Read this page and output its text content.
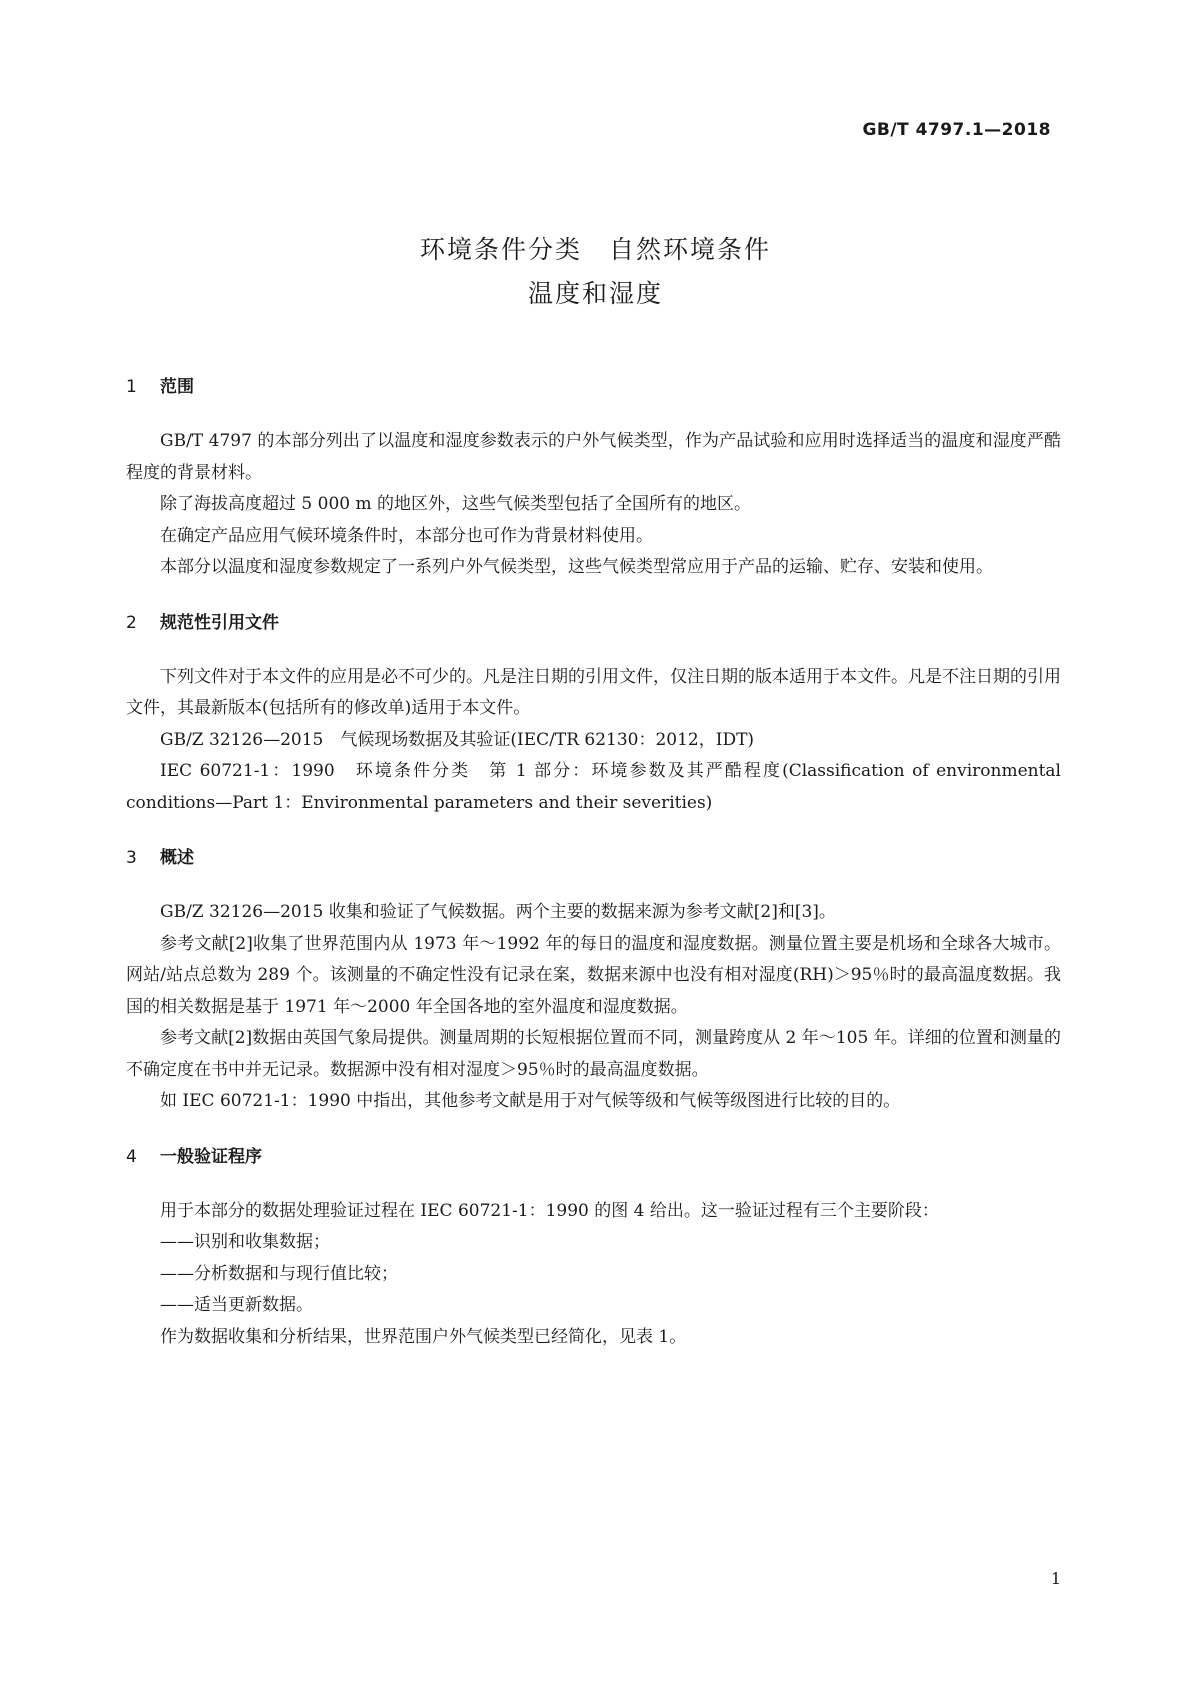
GB/T 4797.1—2018
环境条件分类　自然环境条件
温度和湿度
1 范围

GB/T 4797 的本部分列出了以温度和湿度参数表示的户外气候类型，作为产品试验和应用时选择适当的温度和湿度严酷程度的背景材料。

除了海拔高度超过 5 000 m 的地区外，这些气候类型包括了全国所有的地区。

在确定产品应用气候环境条件时，本部分也可作为背景材料使用。

本部分以温度和湿度参数规定了一系列户外气候类型，这些气候类型常应用于产品的运输、贮存、安装和使用。

2 规范性引用文件

下列文件对于本文件的应用是必不可少的。凡是注日期的引用文件，仅注日期的版本适用于本文件。凡是不注日期的引用文件，其最新版本(包括所有的修改单)适用于本文件。

GB/Z 32126—2015　气候现场数据及其验证(IEC/TR 62130：2012，IDT)

IEC 60721-1：1990　环境条件分类　第 1 部分：环境参数及其严酷程度(Classification of environmental conditions—Part 1：Environmental parameters and their severities)

3 概述

GB/Z 32126—2015 收集和验证了气候数据。两个主要的数据来源为参考文献[2]和[3]。

参考文献[2]收集了世界范围内从 1973 年～1992 年的每日的温度和湿度数据。测量位置主要是机场和全球各大城市。网站/站点总数为 289 个。该测量的不确定性没有记录在案，数据来源中也没有相对湿度(RH)＞95％时的最高温度数据。我国的相关数据是基于 1971 年～2000 年全国各地的室外温度和湿度数据。

参考文献[2]数据由英国气象局提供。测量周期的长短根据位置而不同，测量跨度从 2 年～105 年。详细的位置和测量的不确定度在书中并无记录。数据源中没有相对湿度＞95％时的最高温度数据。

如 IEC 60721-1：1990 中指出，其他参考文献是用于对气候等级和气候等级图进行比较的目的。

4 一般验证程序

用于本部分的数据处理验证过程在 IEC 60721-1：1990 的图 4 给出。这一验证过程有三个主要阶段：

——识别和收集数据；

——分析数据和与现行值比较；

——适当更新数据。

作为数据收集和分析结果，世界范围户外气候类型已经简化，见表 1。

1
